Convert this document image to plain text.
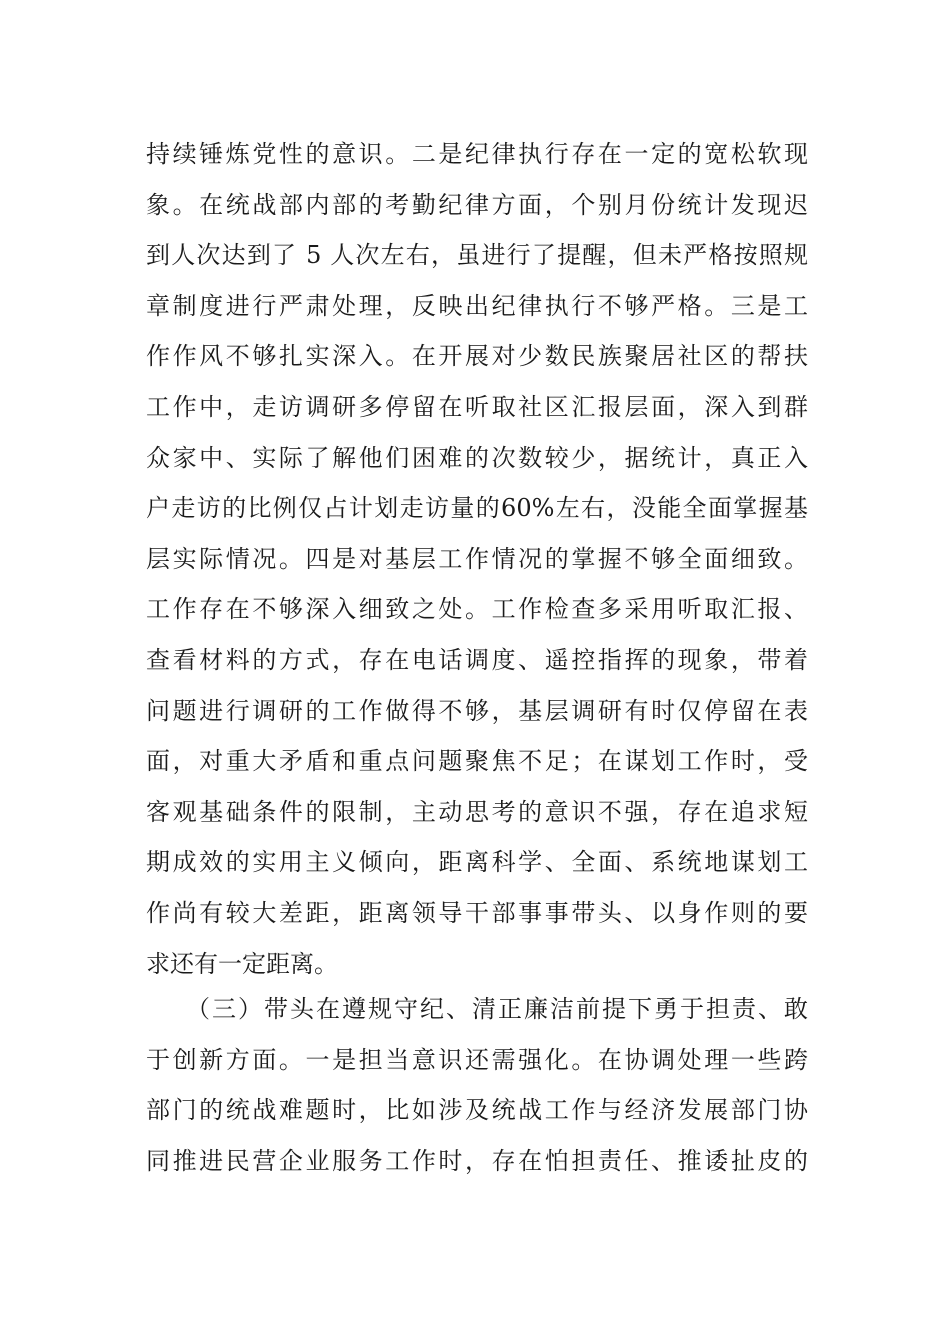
持续锤炼党性的意识。二是纪律执行存在一定的宽松软现
象。在统战部内部的考勤纪律方面，个别月份统计发现迟
到人次达到了 5 人次左右，虽进行了提醒，但未严格按照规
章制度进行严肃处理，反映出纪律执行不够严格。三是工
作作风不够扎实深入。在开展对少数民族聚居社区的帮扶
工作中，走访调研多停留在听取社区汇报层面，深入到群
众家中、实际了解他们困难的次数较少，据统计，真正入
户走访的比例仅占计划走访量的60%左右，没能全面掌握基
层实际情况。四是对基层工作情况的掌握不够全面细致。
工作存在不够深入细致之处。工作检查多采用听取汇报、
查看材料的方式，存在电话调度、遥控指挥的现象，带着
问题进行调研的工作做得不够，基层调研有时仅停留在表
面，对重大矛盾和重点问题聚焦不足；在谋划工作时，受
客观基础条件的限制，主动思考的意识不强，存在追求短
期成效的实用主义倾向，距离科学、全面、系统地谋划工
作尚有较大差距，距离领导干部事事带头、以身作则的要
求还有一定距离。
（三）带头在遵规守纪、清正廉洁前提下勇于担责、敢
于创新方面。一是担当意识还需强化。在协调处理一些跨
部门的统战难题时，比如涉及统战工作与经济发展部门协
同推进民营企业服务工作时，存在怕担责任、推诿扯皮的
